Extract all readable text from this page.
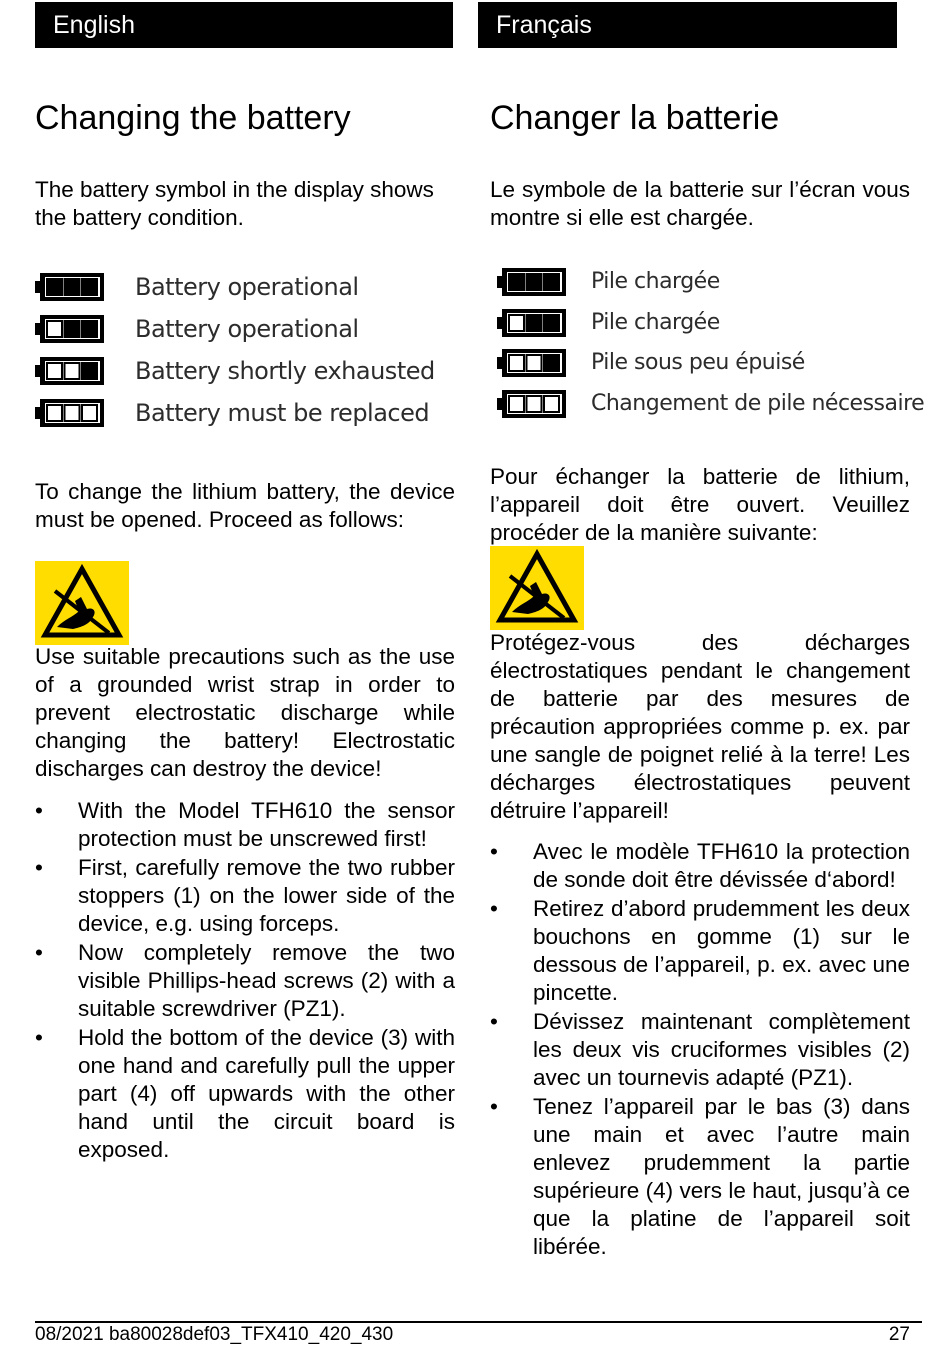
English	Français
Changing the battery

The battery symbol in the display shows the battery condition.

Battery operational
Battery operational
Battery shortly exhausted
Battery must be replaced

To change the lithium battery, the device must be opened. Proceed as follows:

Use suitable precautions such as the use of a grounded wrist strap in order to prevent electrostatic discharge while changing the battery! Electrostatic discharges can destroy the device!

• With the Model TFH610 the sensor protection must be unscrewed first!
• First, carefully remove the two rubber stoppers (1) on the lower side of the device, e.g. using forceps.
• Now completely remove the two visible Phillips-head screws (2) with a suitable screwdriver (PZ1).
• Hold the bottom of the device (3) with one hand and carefully pull the upper part (4) off upwards with the other hand until the circuit board is exposed.
Changer la batterie

Le symbole de la batterie sur l’écran vous montre si elle est chargée.

Pile chargée
Pile chargée
Pile sous peu épuisé
Changement de pile nécessaire

Pour échanger la batterie de lithium, l’appareil doit être ouvert. Veuillez procéder de la manière suivante:

Protégez-vous des décharges électrostatiques pendant le changement de batterie par des mesures de précaution appropriées comme p. ex. par une sangle de poignet relié à la terre! Les décharges électrostatiques peuvent détruire l’appareil!

• Avec le modèle TFH610 la protection de sonde doit être dévissée d‘abord!
• Retirez d’abord prudemment les deux bouchons en gomme (1) sur le dessous de l’appareil, p. ex. avec une pincette.
• Dévissez maintenant complètement les deux vis cruciformes visibles (2) avec un tournevis adapté (PZ1).
• Tenez l’appareil par le bas (3) dans une main et avec l’autre main enlevez prudemment la partie supérieure (4) vers le haut, jusqu’à ce que la platine de l’appareil soit libérée.
08/2021 ba80028def03_TFX410_420_430	27
